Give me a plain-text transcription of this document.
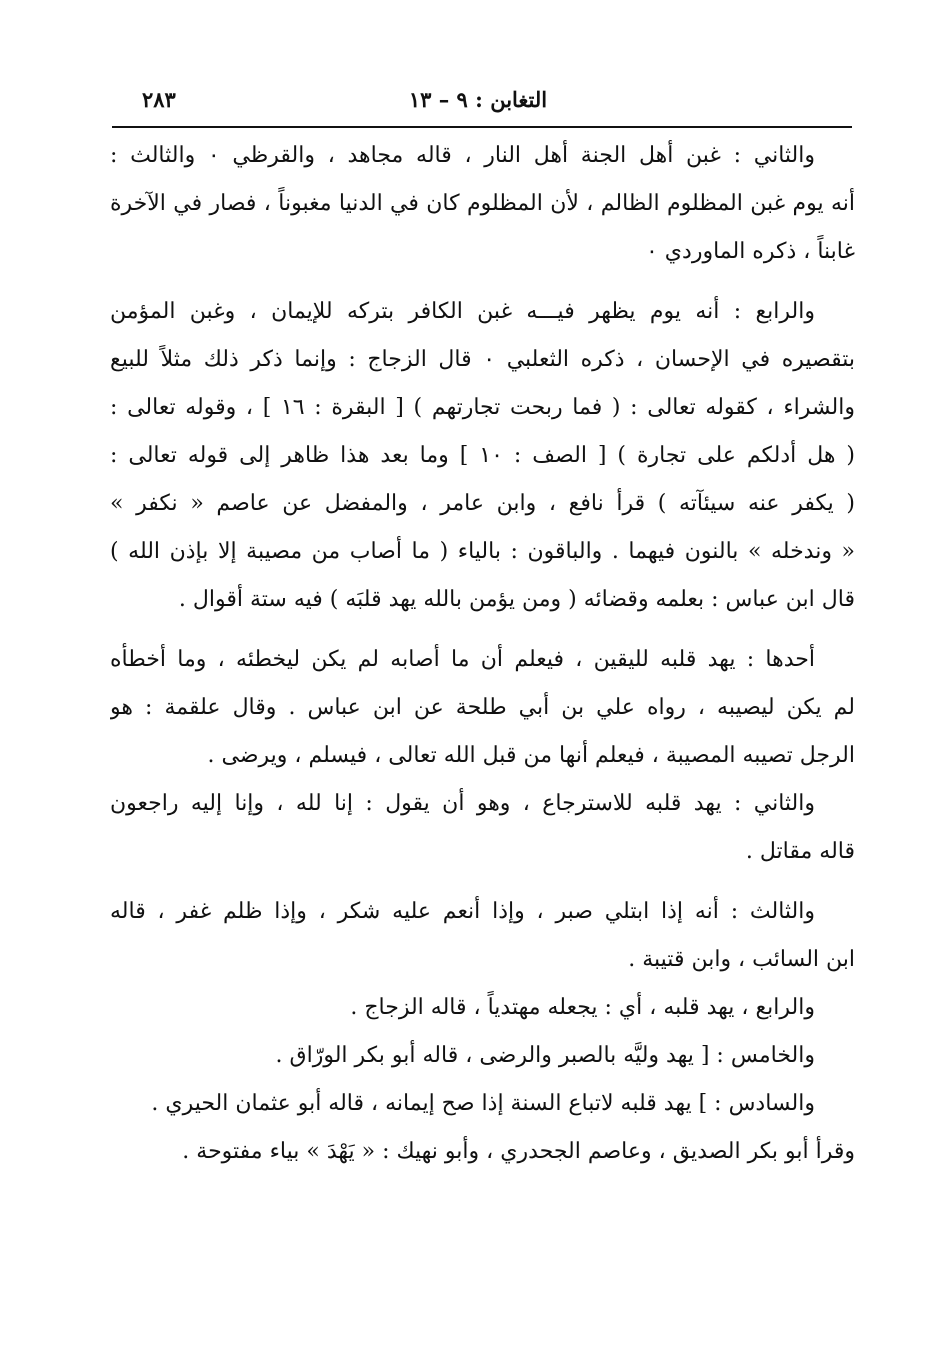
التغابن : ٩ – ١٣
٢٨٣
والثاني : غبن أهل الجنة أهل النار ، قاله مجاهد ، والقرظي ٠ والثالث :
أنه يوم غبن المظلوم الظالم ، لأن المظلوم كان في الدنيا مغبوناً ، فصار في الآخرة
غابناً ، ذكره الماوردي ٠
والرابع : أنه يوم يظهر فيـــه غبن الكافر بتركه للإيمان ، وغبن المؤمن
بتقصيره في الإحسان ، ذكره الثعلبي ٠ قال الزجاج : وإنما ذكر ذلك مثلاً للبيع
والشراء ، كقوله تعالى : ( فما ربحت تجارتهم ) [ البقرة : ١٦ ] ، وقوله تعالى :
( هل أدلكم على تجارة ) [ الصف : ١٠ ] وما بعد هذا ظاهر إلى قوله تعالى :
( يكفر عنه سيئآته ) قرأ نافع ، وابن عامر ، والمفضل عن عاصم « نكفر »
« وندخله » بالنون فيهما . والباقون : بالياء ( ما أصاب من مصيبة إلا بإذن الله )
قال ابن عباس : بعلمه وقضائه ( ومن يؤمن بالله يهد قلبَه ) فيه ستة أقوال .
أحدها : يهد قلبه لليقين ، فيعلم أن ما أصابه لم يكن ليخطئه ، وما أخطأه
لم يكن ليصيبه ، رواه علي بن أبي طلحة عن ابن عباس . وقال علقمة : هو
الرجل تصيبه المصيبة ، فيعلم أنها من قبل الله تعالى ، فيسلم ، ويرضى .
والثاني : يهد قلبه للاسترجاع ، وهو أن يقول : إنا لله ، وإنا إليه راجعون
قاله مقاتل .
والثالث : أنه إذا ابتلي صبر ، وإذا أنعم عليه شكر ، وإذا ظلم غفر ، قاله
ابن السائب ، وابن قتيبة .
والرابع ، يهد قلبه ، أي : يجعله مهتدياً ، قاله الزجاج .
والخامس : [ يهد وليَّه بالصبر والرضى ، قاله أبو بكر الورّاق .
والسادس : ] يهد قلبه لاتباع السنة إذا صح إيمانه ، قاله أبو عثمان الحيري .
وقرأ أبو بكر الصديق ، وعاصم الجحدري ، وأبو نهيك : « يَهْدَ » بياء مفتوحة .
